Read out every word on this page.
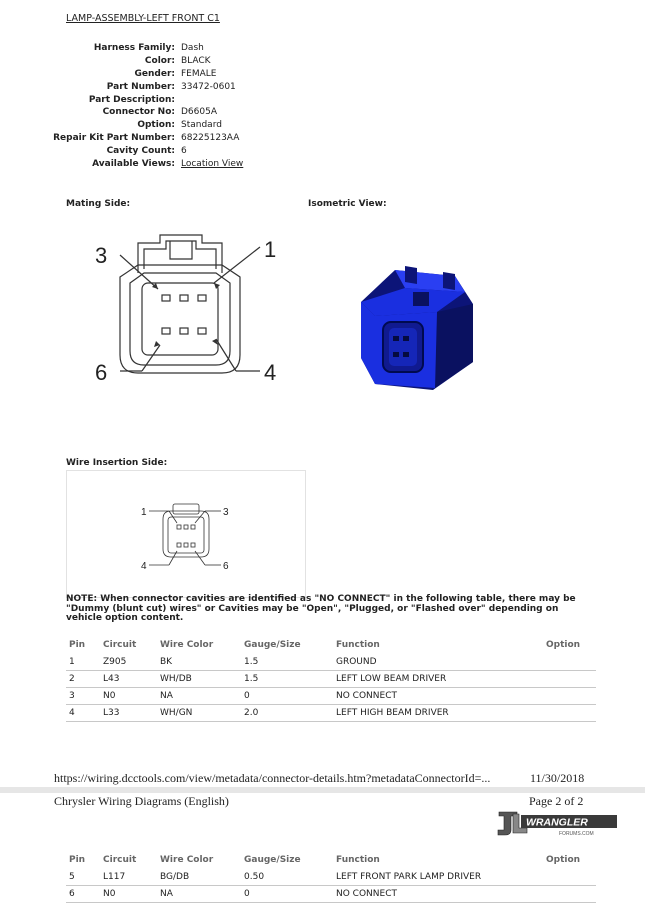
LAMP-ASSEMBLY-LEFT FRONT C1
Harness Family: Dash
Color: BLACK
Gender: FEMALE
Part Number: 33472-0601
Part Description:
Connector No: D6605A
Option: Standard
Repair Kit Part Number: 68225123AA
Cavity Count: 6
Available Views: Location View
Mating Side:	Isometric View:
3	1
6	4
Wire Insertion Side:
1	3
4	6
NOTE: When connector cavities are identified as "NO CONNECT" in the following table, there may be "Dummy (blunt cut) wires" or Cavities may be "Open", "Plugged, or "Flashed over" depending on vehicle option content.
Pin	Circuit	Wire Color	Gauge/Size	Function	Option
1	Z905	BK	1.5	GROUND	
2	L43	WH/DB	1.5	LEFT LOW BEAM DRIVER	
3	N0	NA	0	NO CONNECT	
4	L33	WH/GN	2.0	LEFT HIGH BEAM DRIVER	
https://wiring.dcctools.com/view/metadata/connector-details.htm?metadataConnectorId=...	11/30/2018
Chrysler Wiring Diagrams (English)	Page 2 of 2
WRANGLER
FORUMS.COM
Pin	Circuit	Wire Color	Gauge/Size	Function	Option
5	L117	BG/DB	0.50	LEFT FRONT PARK LAMP DRIVER	
6	N0	NA	0	NO CONNECT	
